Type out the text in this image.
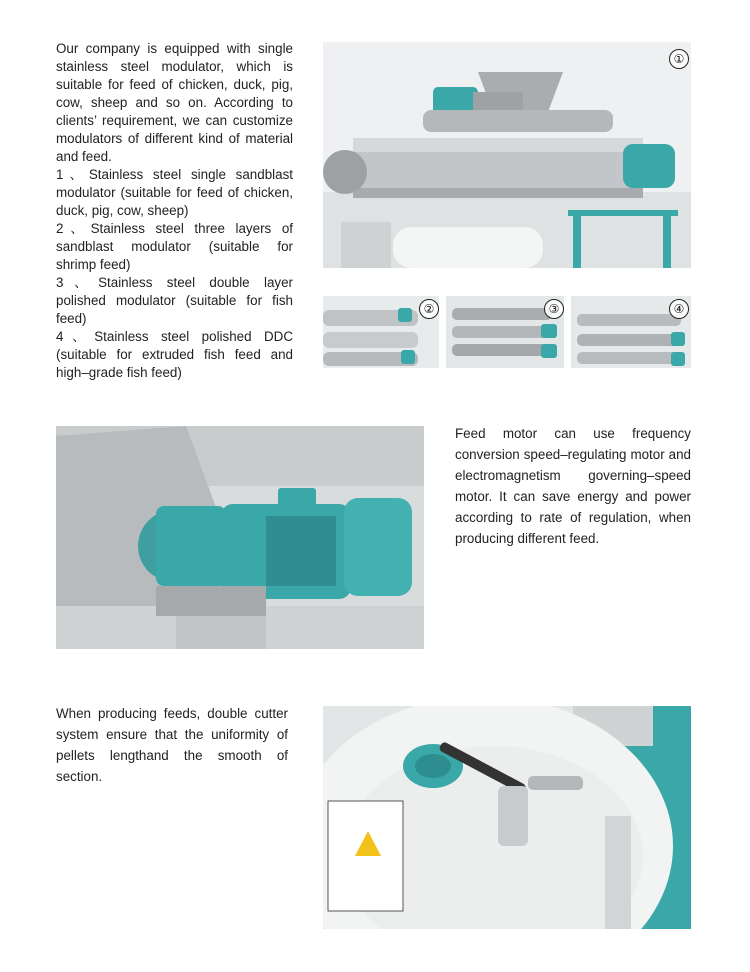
Our company is equipped with single stainless steel modulator, which is suitable for feed of chicken, duck, pig, cow, sheep and so on. According to clients’ requirement, we can customize modulators of different kind of material and feed.
1、Stainless steel single sandblast modulator (suitable for feed of chicken, duck, pig, cow, sheep)
2、Stainless steel three layers of sandblast modulator (suitable for shrimp feed)
3、Stainless steel double layer polished modulator (suitable for fish feed)
4、Stainless steel polished DDC (suitable for extruded fish feed and high–grade fish feed)
①
②	③	④
Feed motor can use frequency conversion speed–regulating motor and electromagnetism governing–speed motor. It can save energy and power according to rate of regulation, when producing different feed.
When producing feeds, double cutter system ensure that the uniformity of pellets lengthand the smooth of section.
